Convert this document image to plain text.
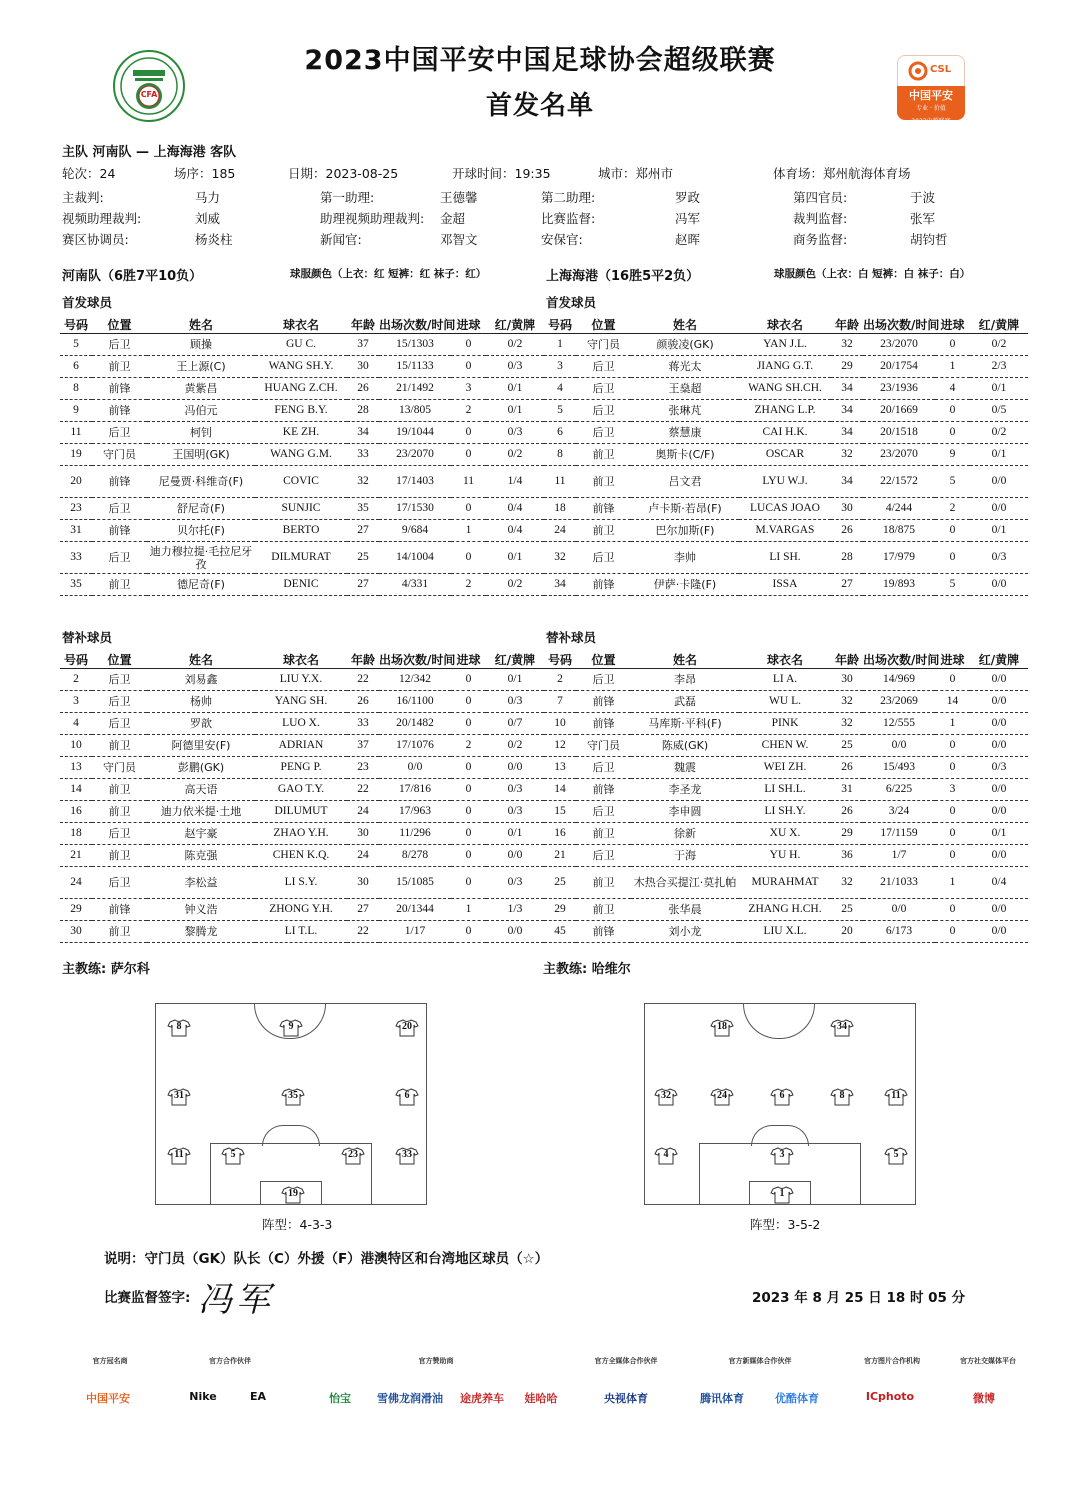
2023中国平安中国足球协会超级联赛
首发名单
CFA
CSL
中国平安
专业 · 价值
2023中超联赛
主队 河南队 — 上海海港 客队
轮次：24	场序：185	日期：2023-08-25	开球时间：19:35	城市：郑州市	体育场：郑州航海体育场
主裁判:	马力	第一助理:	王德馨	第二助理:	罗政	第四官员:	于波
视频助理裁判:	刘威	助理视频助理裁判: 金超	比赛监督:	冯军	裁判监督:	张军
赛区协调员:	杨炎柱	新闻官:	邓智文	安保官:	赵晖	商务监督:	胡钧哲
河南队（6胜7平10负）	球服颜色（上衣：红 短裤：红 袜子：红）	上海海港（16胜5平2负）	球服颜色（上衣：白 短裤：白 袜子：白）
首发球员	首发球员
号码	位置	姓名	球衣名	年龄	出场次数/时间	进球	红/黄牌
5	后卫	顾操	GU C.	37	15/1303	0	0/2
6	前卫	王上源(C)	WANG SH.Y.	30	15/1133	0	0/3
8	前锋	黄紫昌	HUANG Z.CH.	26	21/1492	3	0/1
9	前锋	冯伯元	FENG B.Y.	28	13/805	2	0/1
11	后卫	柯钊	KE ZH.	34	19/1044	0	0/3
19	守门员	王国明(GK)	WANG G.M.	33	23/2070	0	0/2
20	前锋	尼曼贾·科维奇(F)	COVIC	32	17/1403	11	1/4
23	后卫	舒尼奇(F)	SUNJIC	35	17/1530	0	0/4
31	前锋	贝尔托(F)	BERTO	27	9/684	1	0/4
33	后卫	迪力穆拉提·毛拉尼牙孜	DILMURAT	25	14/1004	0	0/1
35	前卫	德尼奇(F)	DENIC	27	4/331	2	0/2
号码	位置	姓名	球衣名	年龄	出场次数/时间	进球	红/黄牌
1	守门员	颜骏凌(GK)	YAN J.L.	32	23/2070	0	0/2
3	后卫	蒋光太	JIANG G.T.	29	20/1754	1	2/3
4	后卫	王燊超	WANG SH.CH.	34	23/1936	4	0/1
5	后卫	张琳芃	ZHANG L.P.	34	20/1669	0	0/5
6	后卫	蔡慧康	CAI H.K.	34	20/1518	0	0/2
8	前卫	奥斯卡(C/F)	OSCAR	32	23/2070	9	0/1
11	前卫	吕文君	LYU W.J.	34	22/1572	5	0/0
18	前锋	卢卡斯·若昂(F)	LUCAS JOAO	30	4/244	2	0/0
24	前卫	巴尔加斯(F)	M.VARGAS	26	18/875	0	0/1
32	后卫	李帅	LI SH.	28	17/979	0	0/3
34	前锋	伊萨·卡隆(F)	ISSA	27	19/893	5	0/0
替补球员	替补球员
号码	位置	姓名	球衣名	年龄	出场次数/时间	进球	红/黄牌
2	后卫	刘易鑫	LIU Y.X.	22	12/342	0	0/1
3	后卫	杨帅	YANG SH.	26	16/1100	0	0/3
4	后卫	罗歆	LUO X.	33	20/1482	0	0/7
10	前卫	阿德里安(F)	ADRIAN	37	17/1076	2	0/2
13	守门员	彭鹏(GK)	PENG P.	23	0/0	0	0/0
14	前卫	高天语	GAO T.Y.	22	17/816	0	0/3
16	前卫	迪力依米提·土地	DILUMUT	24	17/963	0	0/3
18	后卫	赵宇豪	ZHAO Y.H.	30	11/296	0	0/1
21	前卫	陈克强	CHEN K.Q.	24	8/278	0	0/0
24	后卫	李松益	LI S.Y.	30	15/1085	0	0/3
29	前锋	钟义浩	ZHONG Y.H.	27	20/1344	1	1/3
30	前卫	黎腾龙	LI T.L.	22	1/17	0	0/0
号码	位置	姓名	球衣名	年龄	出场次数/时间	进球	红/黄牌
2	后卫	李昂	LI A.	30	14/969	0	0/0
7	前锋	武磊	WU L.	32	23/2069	14	0/0
10	前锋	马库斯·平科(F)	PINK	32	12/555	1	0/0
12	守门员	陈威(GK)	CHEN W.	25	0/0	0	0/0
13	后卫	魏震	WEI ZH.	26	15/493	0	0/3
14	前锋	李圣龙	LI SH.L.	31	6/225	3	0/0
15	后卫	李申圆	LI SH.Y.	26	3/24	0	0/0
16	前卫	徐新	XU X.	29	17/1159	0	0/1
21	后卫	于海	YU H.	36	1/7	0	0/0
25	前卫	木热合买提江·莫扎帕	MURAHMAT	32	21/1033	1	0/4
29	前卫	张华晨	ZHANG H.CH.	25	0/0	0	0/0
45	前锋	刘小龙	LIU X.L.	20	6/173	0	0/0
主教练: 萨尔科	主教练: 哈维尔
8	9	20
31	35	6
11	5	23	33
19
18	34
32	24	6	8	11
4	3	5
1
阵型：4-3-3	阵型：3-5-2
说明：守门员（GK）队长（C）外援（F）港澳特区和台湾地区球员（☆）
比赛监督签字: 冯军	2023 年 8 月 25 日 18 时 05 分
官方冠名商	官方合作伙伴	官方赞助商	官方全媒体合作伙伴	官方新媒体合作伙伴	官方图片合作机构	官方社交媒体平台
中国平安	Nike	EA	怡宝	雪佛龙润滑油	途虎养车	娃哈哈	央视体育	腾讯体育	优酷体育	ICphoto	微博
